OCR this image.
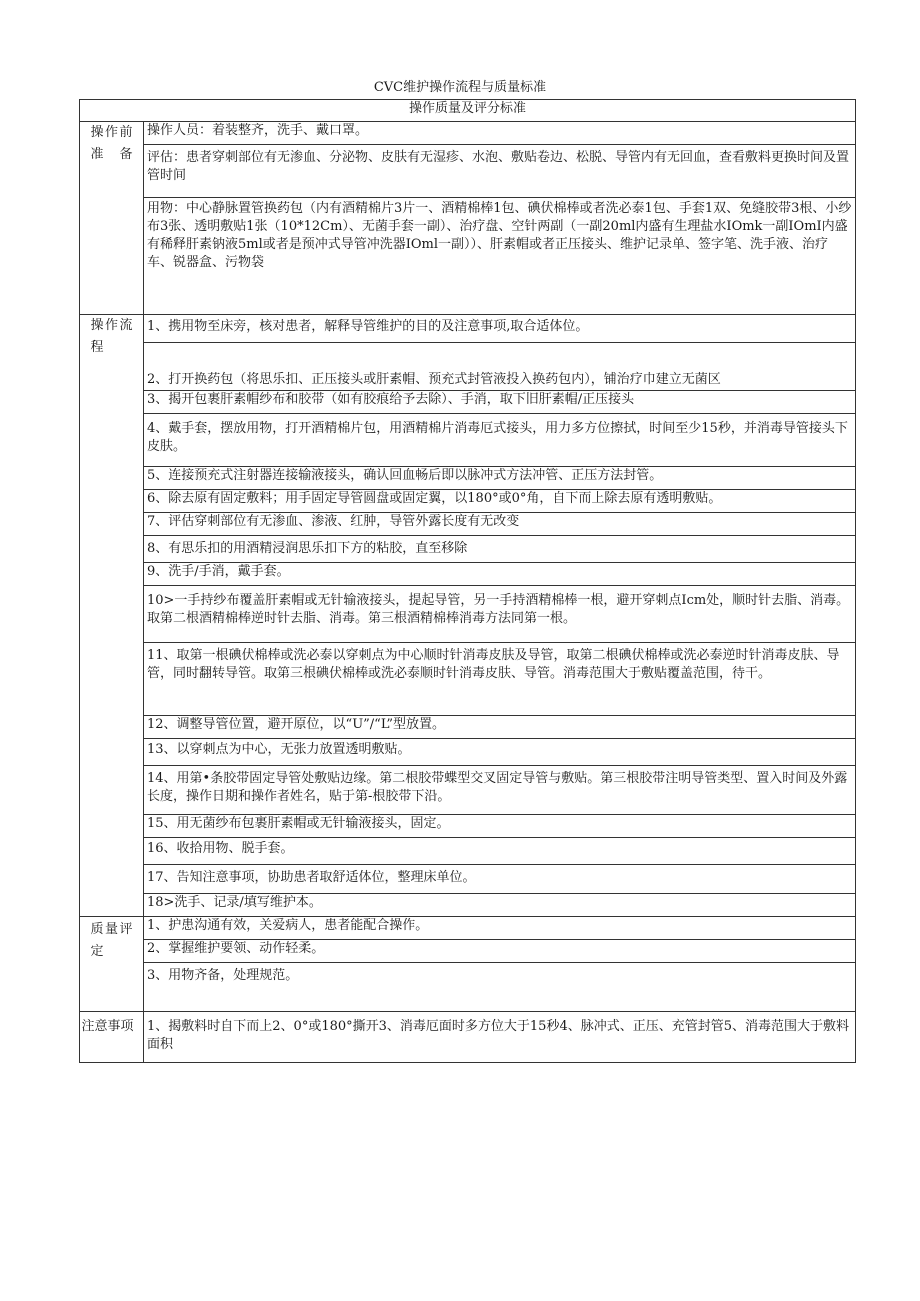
CVC维护操作流程与质量标准
操作质量及评分标准	
操作前准备	操作人员：着装整齐，洗手、戴口罩。
	评估：患者穿刺部位有无渗血、分泌物、皮肤有无湿疹、水泡、敷贴卷边、松脱、导管内有无回血，查看敷料更换时间及置管时间
	用物：中心静脉置管换药包（内有酒精棉片3片一、酒精棉棒1包、碘伏棉棒或者洗必泰1包、手套1双、免缝胶带3根、小纱布3张、透明敷贴1张（10*12Cm）、无菌手套一副）、治疗盘、空针两副（一副20ml内盛有生理盐水IOmk一副IOmI内盛有稀释肝素钠液5ml或者是预冲式导管冲洗器IOml一副））、肝素帽或者正压接头、维护记录单、签字笔、洗手液、治疗车、锐器盒、污物袋
操作流程	1、携用物至床旁，核对患者，解释导管维护的目的及注意事项,取合适体位。
	2、打开换药包（将思乐扣、正压接头或肝素帽、预充式封管液投入换药包内），铺治疗巾建立无菌区
	3、揭开包裹肝素帽纱布和胶带（如有胶痕给予去除）、手消，取下旧肝素帽/正压接头
	4、戴手套，摆放用物，打开酒精棉片包，用酒精棉片消毒厄式接头，用力多方位擦拭，时间至少15秒，并消毒导管接头下皮肤。
	5、连接预充式注射器连接输液接头，确认回血畅后即以脉冲式方法冲管、正压方法封管。
	6、除去原有固定敷料；用手固定导管圆盘或固定翼，以180°或0°角，自下而上除去原有透明敷贴。
	7、评估穿刺部位有无渗血、渗液、红肿，导管外露长度有无改变
	8、有思乐扣的用酒精浸润思乐扣下方的粘胶，直至移除
	9、洗手/手消，戴手套。
	10>一手持纱布覆盖肝素帽或无针输液接头，提起导管，另一手持酒精棉棒一根，避开穿刺点Icm处，顺时针去脂、消毒。取第二根酒精棉棒逆时针去脂、消毒。第三根酒精棉棒消毒方法同第一根。
	11、取第一根碘伏棉棒或洗必泰以穿刺点为中心顺时针消毒皮肤及导管，取第二根碘伏棉棒或洗必泰逆时针消毒皮肤、导管，同时翻转导管。取第三根碘伏棉棒或洗必泰顺时针消毒皮肤、导管。消毒范围大于敷贴覆盖范围，待干。
	12、调整导管位置，避开原位，以“U”/“L”型放置。
	13、以穿刺点为中心，无张力放置透明敷贴。
	14、用第•条胶带固定导管处敷贴边缘。第二根胶带蝶型交叉固定导管与敷贴。第三根胶带注明导管类型、置入时间及外露长度，操作日期和操作者姓名，贴于第-根胶带下沿。
	15、用无菌纱布包裹肝素帽或无针输液接头，固定。
	16、收拾用物、脱手套。
	17、告知注意事项，协助患者取舒适体位，整理床单位。
	18>洗手、记录/填写维护本。
质量评定	1、护患沟通有效，关爱病人，患者能配合操作。
	2、掌握维护要领、动作轻柔。
	3、用物齐备，处理规范。
注意事项	1、揭敷料时自下而上2、0°或180°撕开3、消毒厄面时多方位大于15秒4、脉冲式、正压、充管封管5、消毒范围大于敷料面积
